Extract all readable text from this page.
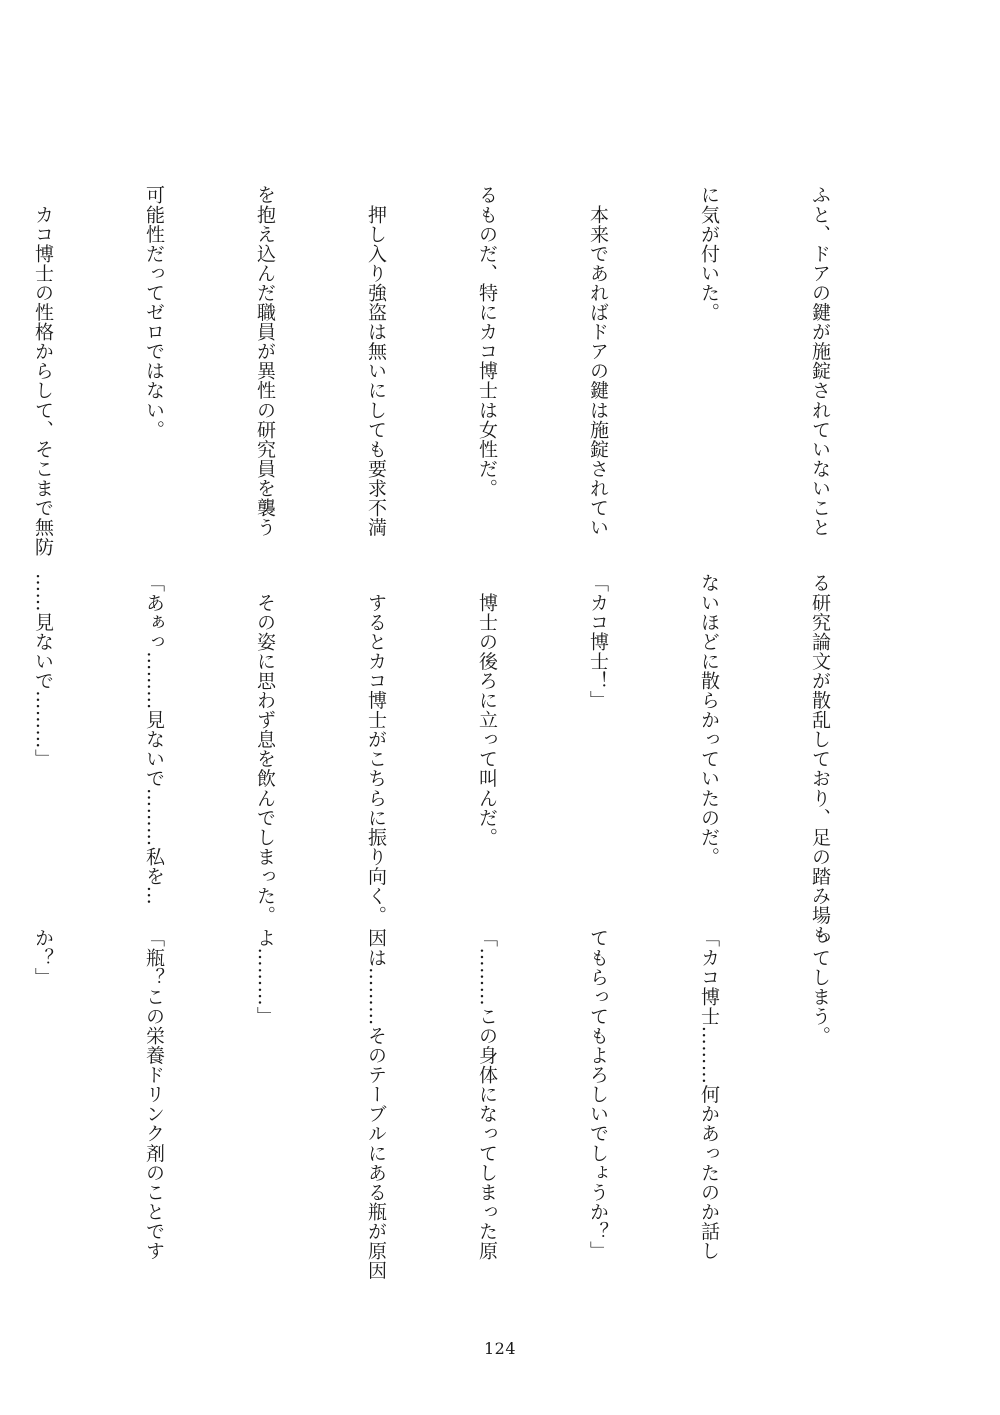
ふと、ドアの鍵が施錠されていないこと

に気が付いた。

　本来であればドアの鍵は施錠されてい

るものだ、特にカコ博士は女性だ。

　押し入り強盗は無いにしても要求不満

を抱え込んだ職員が異性の研究員を襲う

可能性だってゼロではない。

　カコ博士の性格からして、そこまで無防

る研究論文が散乱しており、足の踏み場も

ないほどに散らかっていたのだ。

「カコ博士！」

　博士の後ろに立って叫んだ。

　するとカコ博士がこちらに振り向く。

　その姿に思わず息を飲んでしまった。

「あぁっ………見ないで………私を…

……見ないで………」

ってしまう。

「カコ博士………何かあったのか話し

てもらってもよろしいでしょうか？」

「………この身体になってしまった原

因は………そのテーブルにある瓶が原因

よ………」

「瓶？この栄養ドリンク剤のことです

か？」

124
